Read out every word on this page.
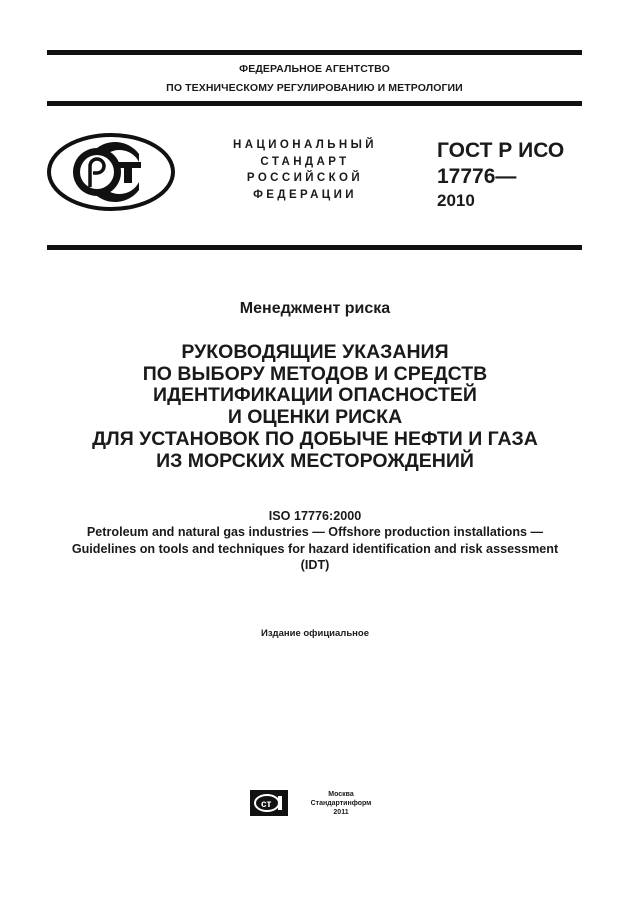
ФЕДЕРАЛЬНОЕ АГЕНТСТВО
ПО ТЕХНИЧЕСКОМУ РЕГУЛИРОВАНИЮ И МЕТРОЛОГИИ
НАЦИОНАЛЬНЫЙ
СТАНДАРТ
РОССИЙСКОЙ
ФЕДЕРАЦИИ
ГОСТ Р ИСО
17776—
2010
Менеджмент риска
РУКОВОДЯЩИЕ УКАЗАНИЯ
ПО ВЫБОРУ МЕТОДОВ И СРЕДСТВ
ИДЕНТИФИКАЦИИ ОПАСНОСТЕЙ
И ОЦЕНКИ РИСКА
ДЛЯ УСТАНОВОК ПО ДОБЫЧЕ НЕФТИ И ГАЗА
ИЗ МОРСКИХ МЕСТОРОЖДЕНИЙ
ISO 17776:2000
Petroleum and natural gas industries — Offshore production installations —
Guidelines on tools and techniques for hazard identification and risk assessment
(IDT)
Издание официальное
ст
Москва
Стандартинформ
2011
